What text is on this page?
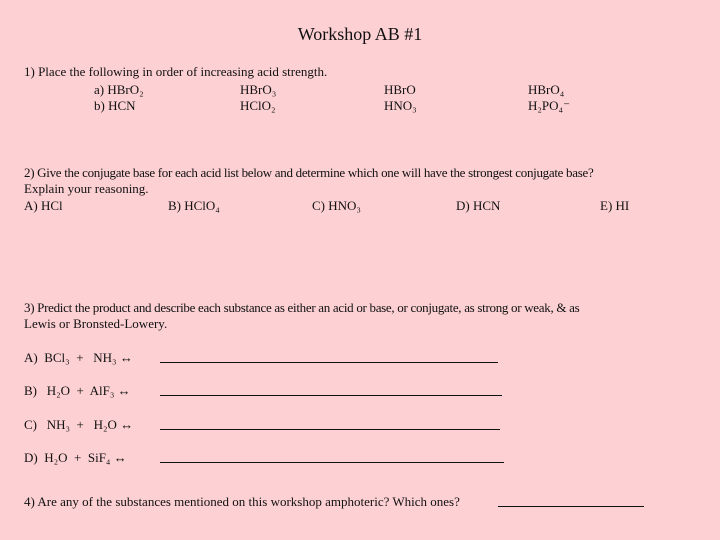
Workshop AB #1
1) Place the following in order of increasing acid strength.
a) HBrO₂	HBrO₃	HBrO	HBrO₄
b) HCN	HClO₂	HNO₃	H₂PO₄⁻
2) Give the conjugate base for each acid list below and determine which one will have the strongest conjugate base?
Explain your reasoning.
A) HCl	B) HClO₄	C) HNO₃	D) HCN	E) HI
3) Predict the product and describe each substance as either an acid or base, or conjugate, as strong or weak, & as
Lewis or Bronsted-Lowery.
A)  BCl₃  +   NH₃ ↔
B)   H₂O  +  AlF₃ ↔
C)   NH₃  +   H₂O ↔
D)  H₂O  +  SiF₄ ↔
4) Are any of the substances mentioned on this workshop amphoteric? Which ones?
